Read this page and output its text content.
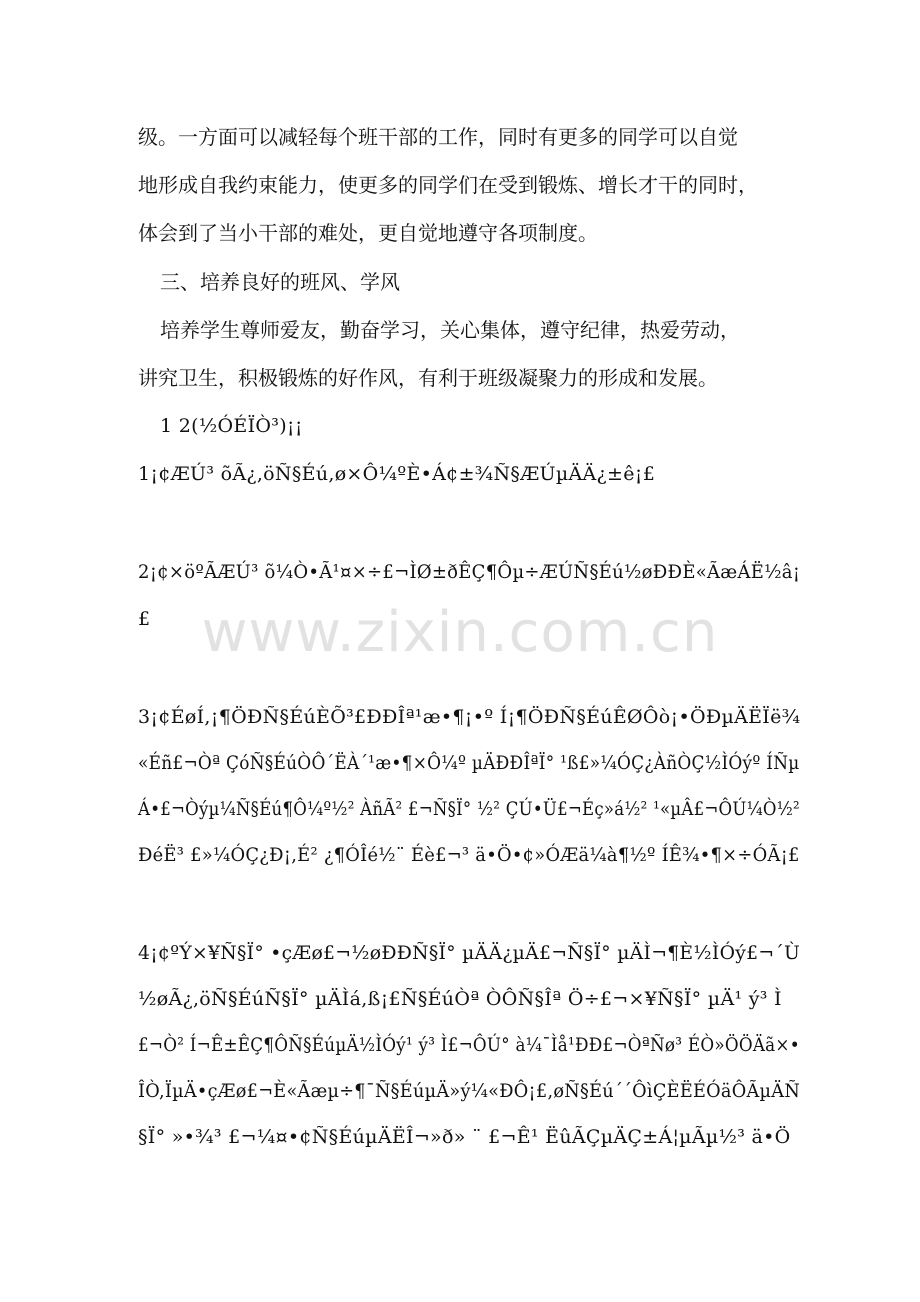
级。一方面可以减轻每个班干部的工作，同时有更多的同学可以自觉
地形成自我约束能力，使更多的同学们在受到锻炼、增长才干的同时，
体会到了当小干部的难处，更自觉地遵守各项制度。
三、培养良好的班风、学风
培养学生尊师爱友，勤奋学习，关心集体，遵守纪律，热爱劳动，
讲究卫生，积极锻炼的好作风，有利于班级凝聚力的形成和发展。
1 2(½ÓÉÏÒ³)¡¡
1¡¢ÆÚ³ õÃ¿,öÑ§Éú,ø×Ô¼ºÈ•Á¢±¾Ñ§ÆÚµÄÄ¿±ê¡£
2¡¢×öºÃÆÚ³ õ¼Ò•Ã¹¤×÷£¬ÌØ±ðÊÇ¶Ôµ÷ÆÚÑ§Éú½øÐÐÈ«ÃæÁË½â¡
£
3¡¢ÉøÍ,¡¶ÖÐÑ§ÉúÈÕ³£ÐÐÎª¹æ•¶¡•º Í¡¶ÖÐÑ§ÉúÊØÔò¡•ÖÐµÄËÏë¾
«Éñ£¬Òª ÇóÑ§ÉúÒÔ´ËÀ´¹æ•¶×Ô¼º µÄÐÐÎªÏ° ¹ß£»¼ÓÇ¿ÀñÒÇ½ÌÓýº ÍÑµ
Á•£¬Òýµ¼Ñ§Éú¶Ô¼º½² ÀñÃ² £¬Ñ§Ï° ½² ÇÚ•Ü£¬Éç»á½² ¹«µÂ£¬ÔÚ¼Ò½²
ÐéË³ £»¼ÓÇ¿Ð¡,É² ¿¶ÓÎé½¨ Éè£¬³ ä•Ö•¢»ÓÆä¼à¶½º ÍÊ¾•¶×÷ÓÃ¡£
4¡¢ºÝ×¥Ñ§Ï° •çÆø£¬½øÐÐÑ§Ï° µÄÄ¿µÄ£¬Ñ§Ï° µÄÌ¬¶È½ÌÓý£¬´Ù
½øÃ¿,öÑ§ÉúÑ§Ï° µÄÌá,ß¡£Ñ§ÉúÒª ÒÔÑ§Îª Ö÷£¬×¥Ñ§Ï° µÄ¹ ý³ Ì
£¬Ò² Í¬Ê±ÊÇ¶ÔÑ§ÉúµÄ½ÌÓý¹ ý³ Ì£¬ÔÚ° à¼¯Ìå¹ÐÐ£¬ÒªÑø³ ÉÒ»ÖÖÄã×•
ÎÒ,ÏµÄ•çÆø£¬È«Ãæµ÷¶¯Ñ§ÉúµÄ»ý¼«ÐÔ¡£,øÑ§Éú´´ÔìÇÈËÉÓäÔÃµÄÑ
§Ï° »•¾³ £¬¼¤•¢Ñ§ÉúµÄËÎ¬»ð» ¨ £¬Ê¹ ËûÃÇµÄÇ±Á¦µÃµ½³ ä•Ö
www.zixin.com.cn
